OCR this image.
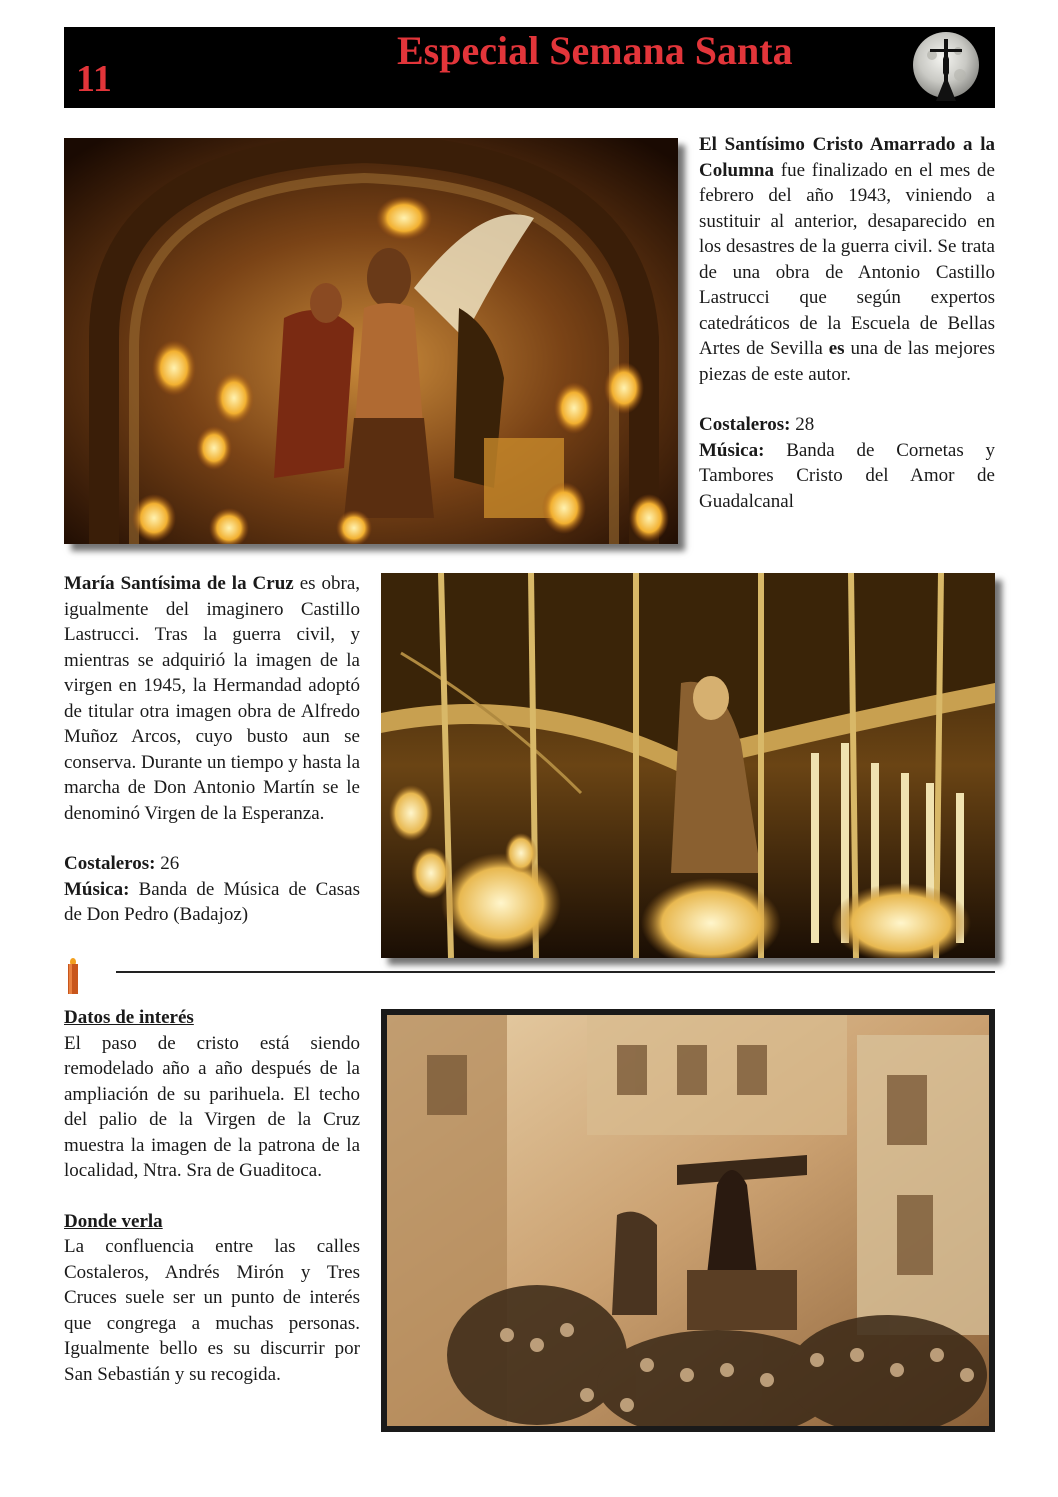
11
Especial Semana Santa

El Santísimo Cristo Amarrado a la Columna fue finalizado en el mes de febrero del año 1943, viniendo a sustituir al anterior, desaparecido en los desastres de la guerra civil. Se trata de una obra de Antonio Castillo Lastrucci que según expertos catedráticos de la Escuela de Bellas Artes de Sevilla es una de las mejores piezas de este autor.

Costaleros: 28

Música: Banda de Cornetas y Tambores Cristo del Amor de Guadalcanal

María Santísima de la Cruz es obra, igualmente del imaginero Castillo Lastrucci. Tras la guerra civil, y mientras se adquirió la imagen de la virgen en 1945, la Hermandad adoptó de titular otra imagen obra de Alfredo Muñoz Arcos, cuyo busto aun se conserva. Durante un tiempo y hasta la marcha de Don Antonio Martín se le denominó Virgen de la Esperanza.

Costaleros: 26

Música: Banda de Música de Casas de Don Pedro (Badajoz)

Datos de interés

El paso de cristo está siendo remodelado año a año después de la ampliación de su parihuela. El techo del palio de la Virgen de la Cruz muestra la imagen de la patrona de la localidad, Ntra. Sra de Guaditoca.

Donde verla

La confluencia entre las calles Costaleros, Andrés Mirón y Tres Cruces suele ser un punto de interés que congrega a muchas personas. Igualmente bello es su discurrir por San Sebastián y su recogida.
